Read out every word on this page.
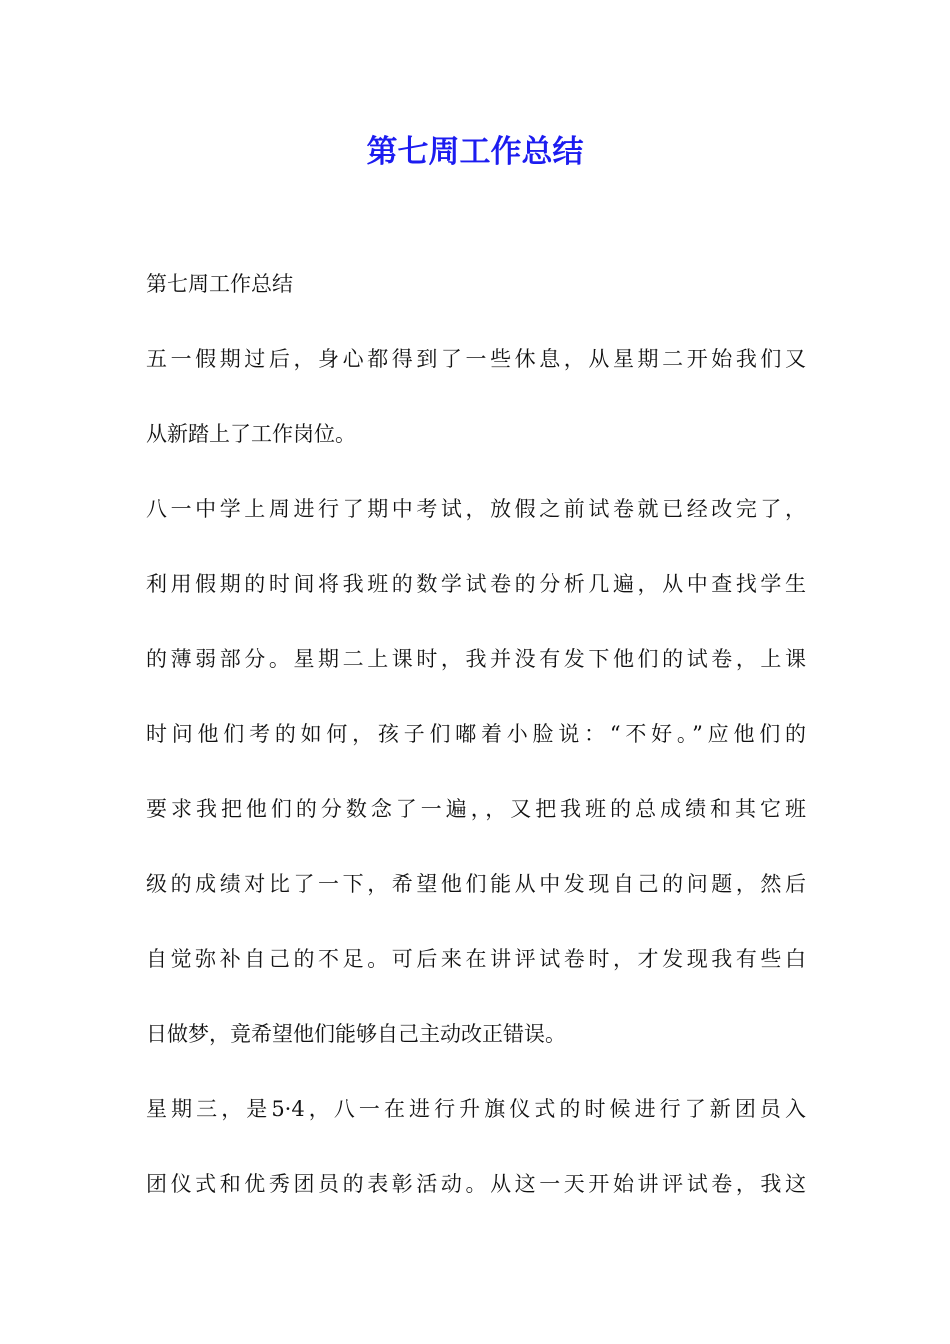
第七周工作总结
第七周工作总结
五一假期过后，身心都得到了一些休息，从星期二开始我们又
从新踏上了工作岗位。
八一中学上周进行了期中考试，放假之前试卷就已经改完了，
利用假期的时间将我班的数学试卷的分析几遍，从中查找学生
的薄弱部分。星期二上课时，我并没有发下他们的试卷，上课
时问他们考的如何，孩子们嘟着小脸说：“不好。”应他们的
要求我把他们的分数念了一遍，，又把我班的总成绩和其它班
级的成绩对比了一下，希望他们能从中发现自己的问题，然后
自觉弥补自己的不足。可后来在讲评试卷时，才发现我有些白
日做梦，竟希望他们能够自己主动改正错误。
星期三，是5·4，八一在进行升旗仪式的时候进行了新团员入
团仪式和优秀团员的表彰活动。从这一天开始讲评试卷，我这
